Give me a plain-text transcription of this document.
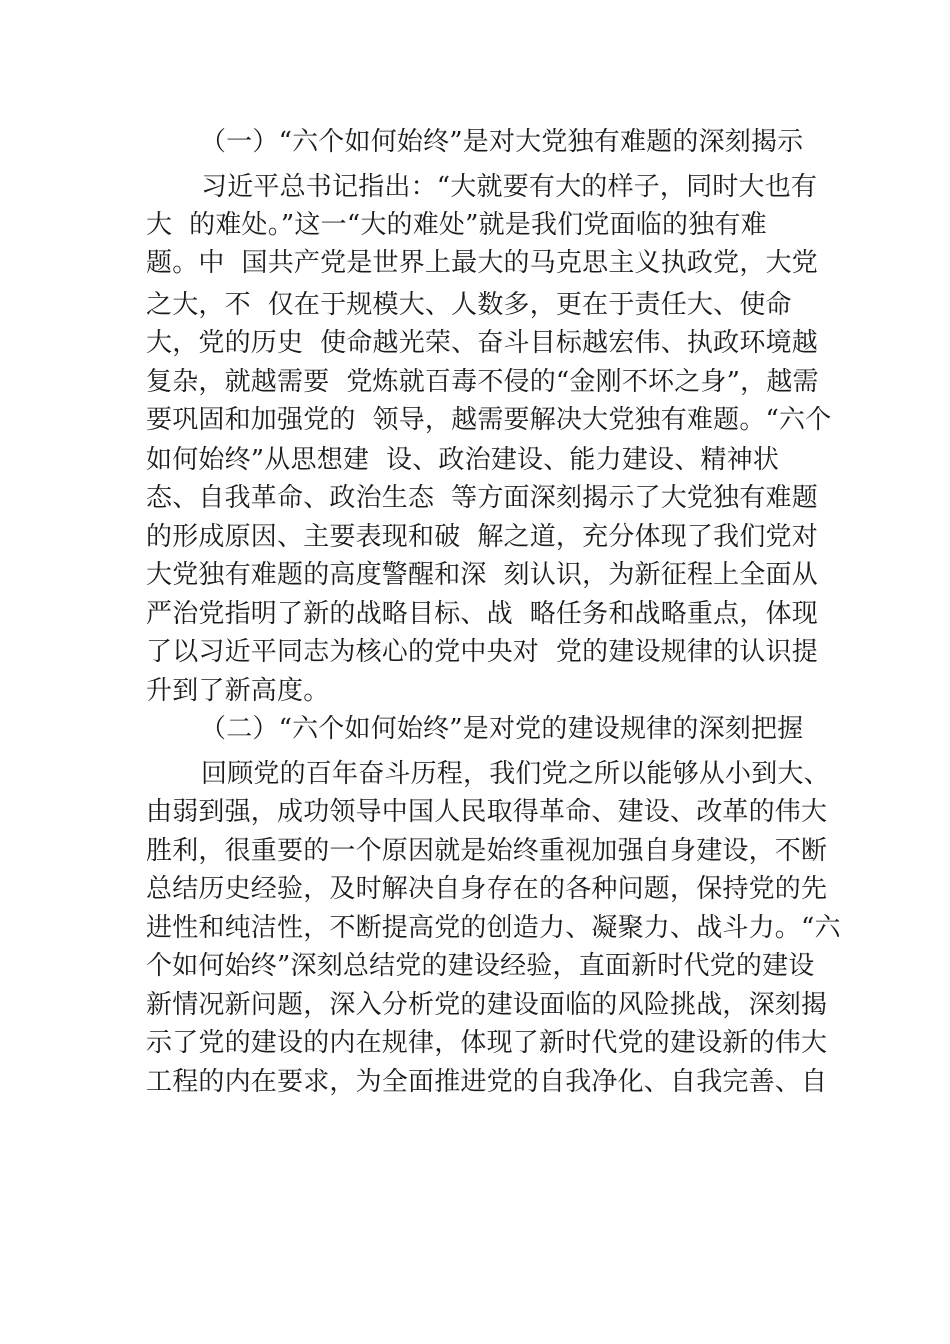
（一）“六个如何始终”是对大党独有难题的深刻揭示
习近平总书记指出：“大就要有大的样子，同时大也有
大  的难处。”这一“大的难处”就是我们党面临的独有难
题。中  国共产党是世界上最大的马克思主义执政党，大党
之大，不  仅在于规模大、人数多，更在于责任大、使命
大，党的历史  使命越光荣、奋斗目标越宏伟、执政环境越
复杂，就越需要  党炼就百毒不侵的“金刚不坏之身”，越需
要巩固和加强党的  领导，越需要解决大党独有难题。“六个
如何始终”从思想建  设、政治建设、能力建设、精神状
态、自我革命、政治生态  等方面深刻揭示了大党独有难题
的形成原因、主要表现和破  解之道，充分体现了我们党对
大党独有难题的高度警醒和深  刻认识，为新征程上全面从
严治党指明了新的战略目标、战  略任务和战略重点，体现
了以习近平同志为核心的党中央对  党的建设规律的认识提
升到了新高度。
（二）“六个如何始终”是对党的建设规律的深刻把握
回顾党的百年奋斗历程，我们党之所以能够从小到大、
由弱到强，成功领导中国人民取得革命、建设、改革的伟大
胜利，很重要的一个原因就是始终重视加强自身建设，不断
总结历史经验，及时解决自身存在的各种问题，保持党的先
进性和纯洁性，不断提高党的创造力、凝聚力、战斗力。“六
个如何始终”深刻总结党的建设经验，直面新时代党的建设
新情况新问题，深入分析党的建设面临的风险挑战，深刻揭
示了党的建设的内在规律，体现了新时代党的建设新的伟大
工程的内在要求，为全面推进党的自我净化、自我完善、自
